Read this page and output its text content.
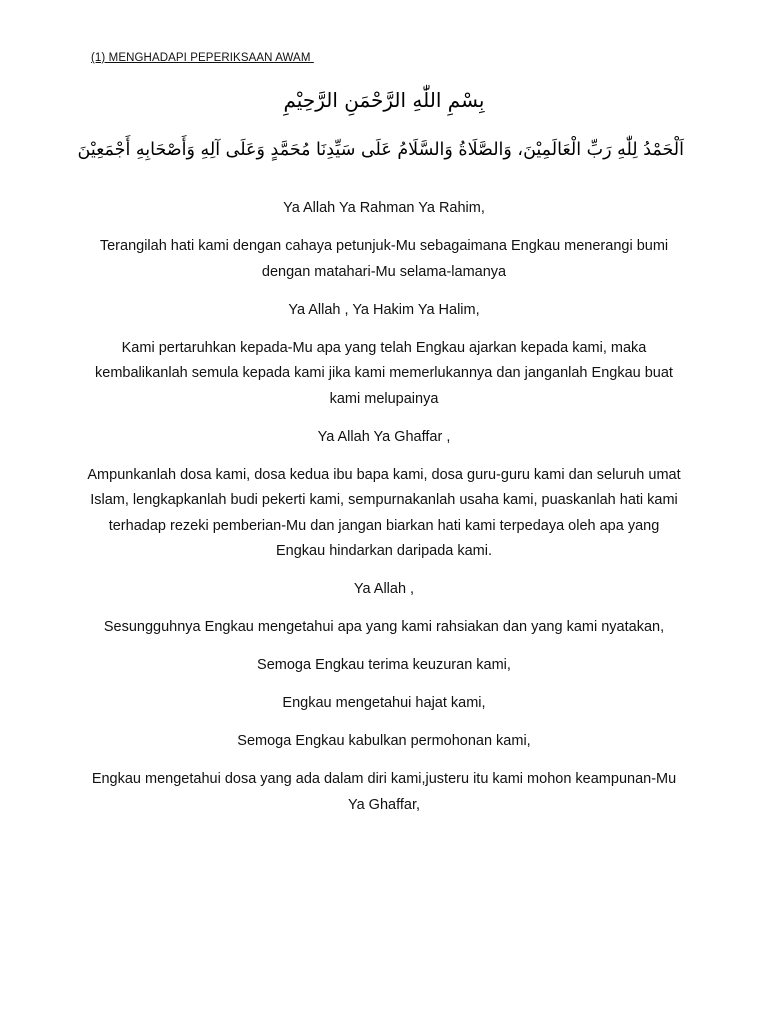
(1) MENGHADAPI PEPERIKSAAN AWAM
بِسْمِ اللّٰهِ الرَّحْمَنِ الرَّحِيْمِ
اَلْحَمْدُ لِلّٰهِ رَبِّ الْعَالَمِيْنَ، وَالصَّلَاةُ وَالسَّلَامُ عَلَى سَيِّدِنَا مُحَمَّدٍ وَعَلَى آلِهِ وَأَصْحَابِهِ أَجْمَعِيْنَ

Ya Allah Ya Rahman Ya Rahim,

Terangilah hati kami dengan cahaya petunjuk-Mu sebagaimana Engkau menerangi bumi dengan matahari-Mu selama-lamanya

Ya Allah , Ya Hakim Ya Halim,

Kami pertaruhkan kepada-Mu apa yang telah Engkau ajarkan kepada kami, maka kembalikanlah semula kepada kami jika kami memerlukannya dan janganlah Engkau buat kami melupainya

Ya Allah Ya Ghaffar ,

Ampunkanlah dosa kami, dosa kedua ibu bapa kami, dosa guru-guru kami dan seluruh umat Islam, lengkapkanlah budi pekerti kami, sempurnakanlah usaha kami, puaskanlah hati kami terhadap rezeki pemberian-Mu dan jangan biarkan hati kami terpedaya oleh apa yang Engkau hindarkan daripada kami.

Ya Allah ,

Sesungguhnya Engkau mengetahui apa yang kami rahsiakan dan yang kami nyatakan,

Semoga Engkau terima keuzuran kami,

Engkau mengetahui hajat kami,

Semoga Engkau kabulkan permohonan kami,

Engkau mengetahui dosa yang ada dalam diri kami,justeru itu kami mohon keampunan-Mu Ya Ghaffar,
